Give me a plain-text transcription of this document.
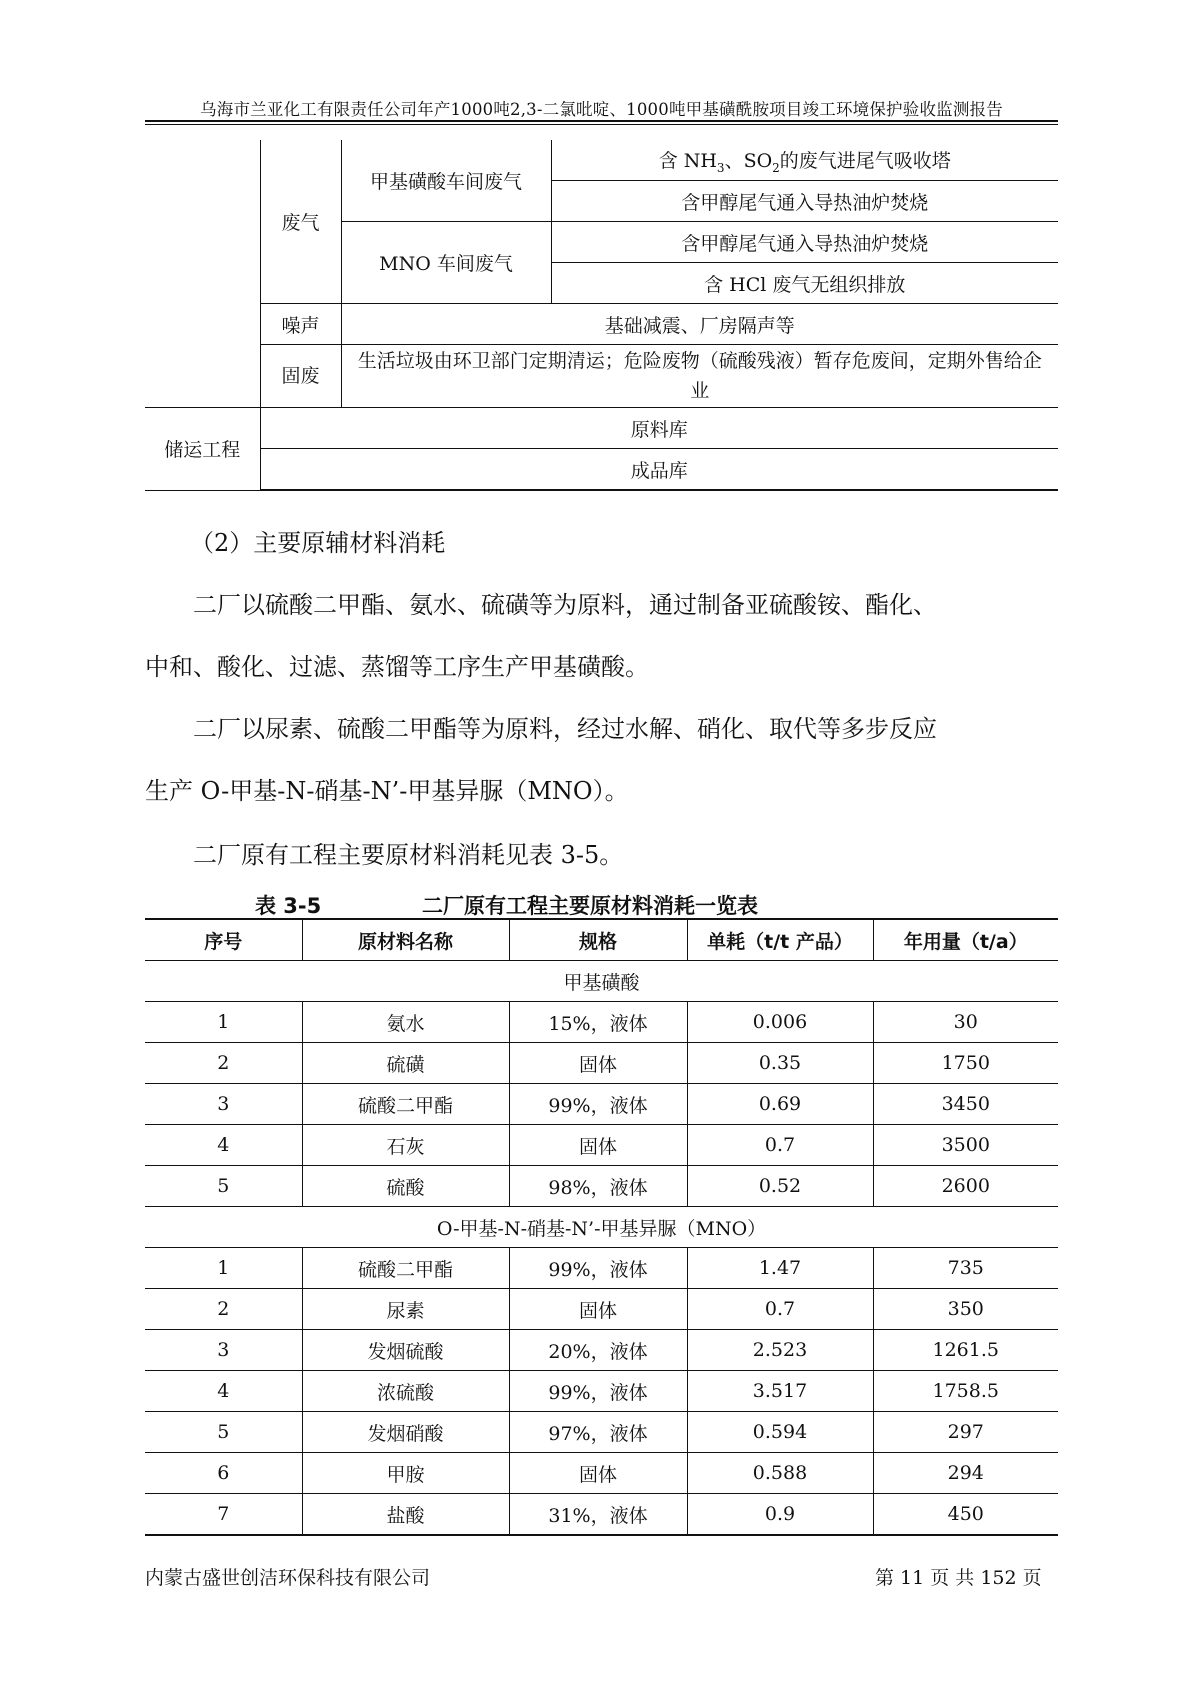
乌海市兰亚化工有限责任公司年产1000吨2,3-二氯吡啶、1000吨甲基磺酰胺项目竣工环境保护验收监测报告
	废气	甲基磺酸车间废气	含 $NH_3$、$SO_2$的废气进尾气吸收塔
			含甲醇尾气通入导热油炉焚烧
		MNO 车间废气	含甲醇尾气通入导热油炉焚烧
			含 HCl 废气无组织排放
	噪声	基础减震、厂房隔声等	
	固废	生活垃圾由环卫部门定期清运；危险废物（硫酸残液）暂存危废间，定期外售给企业	
储运工程	原料库		
	成品库		
（2）主要原辅材料消耗
二厂以硫酸二甲酯、氨水、硫磺等为原料，通过制备亚硫酸铵、酯化、
中和、酸化、过滤、蒸馏等工序生产甲基磺酸。
二厂以尿素、硫酸二甲酯等为原料，经过水解、硝化、取代等多步反应
生产 O-甲基-N-硝基-N’-甲基异脲（MNO）。
二厂原有工程主要原材料消耗见表 3-5。
表 3-5	二厂原有工程主要原材料消耗一览表
序号	原材料名称	规格	单耗（t/t 产品）	年用量（t/a）
甲基磺酸				
1	氨水	15%，液体	0.006	30
2	硫磺	固体	0.35	1750
3	硫酸二甲酯	99%，液体	0.69	3450
4	石灰	固体	0.7	3500
5	硫酸	98%，液体	0.52	2600
O-甲基-N-硝基-N’-甲基异脲（MNO）				
1	硫酸二甲酯	99%，液体	1.47	735
2	尿素	固体	0.7	350
3	发烟硫酸	20%，液体	2.523	1261.5
4	浓硫酸	99%，液体	3.517	1758.5
5	发烟硝酸	97%，液体	0.594	297
6	甲胺	固体	0.588	294
7	盐酸	31%，液体	0.9	450
内蒙古盛世创洁环保科技有限公司	第 11 页 共 152 页
